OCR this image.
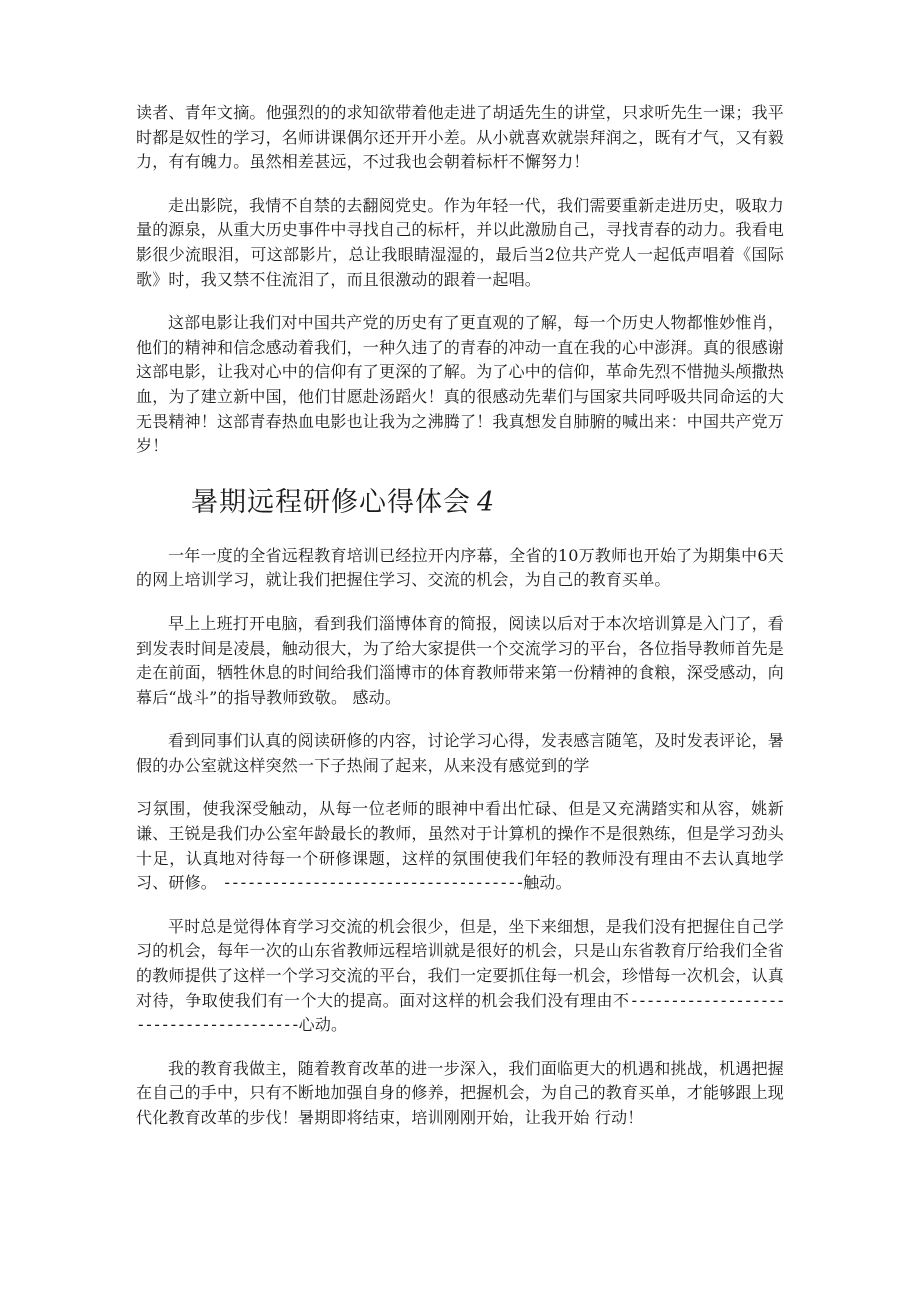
读者、青年文摘。他强烈的的求知欲带着他走进了胡适先生的讲堂，只求听先生一课；我平时都是奴性的学习，名师讲课偶尔还开开小差。从小就喜欢就崇拜润之，既有才气，又有毅力，有有魄力。虽然相差甚远，不过我也会朝着标杆不懈努力！

走出影院，我情不自禁的去翻阅党史。作为年轻一代，我们需要重新走进历史，吸取力量的源泉，从重大历史事件中寻找自己的标杆，并以此激励自己，寻找青春的动力。我看电影很少流眼泪，可这部影片，总让我眼睛湿湿的，最后当2位共产党人一起低声唱着《国际歌》时，我又禁不住流泪了，而且很激动的跟着一起唱。

这部电影让我们对中国共产党的历史有了更直观的了解，每一个历史人物都惟妙惟肖，他们的精神和信念感动着我们，一种久违了的青春的冲动一直在我的心中澎湃。真的很感谢这部电影，让我对心中的信仰有了更深的了解。为了心中的信仰，革命先烈不惜抛头颅撒热血，为了建立新中国，他们甘愿赴汤蹈火！真的很感动先辈们与国家共同呼吸共同命运的大无畏精神！这部青春热血电影也让我为之沸腾了！我真想发自肺腑的喊出来：中国共产党万岁！

暑期远程研修心得体会 4

一年一度的全省远程教育培训已经拉开内序幕，全省的10万教师也开始了为期集中6天的网上培训学习，就让我们把握住学习、交流的机会，为自己的教育买单。

早上上班打开电脑，看到我们淄博体育的简报，阅读以后对于本次培训算是入门了，看到发表时间是凌晨，触动很大，为了给大家提供一个交流学习的平台，各位指导教师首先是走在前面，牺牲休息的时间给我们淄博市的体育教师带来第一份精神的食粮，深受感动，向幕后“战斗”的指导教师致敬。 感动。

看到同事们认真的阅读研修的内容，讨论学习心得，发表感言随笔，及时发表评论，暑假的办公室就这样突然一下子热闹了起来，从来没有感觉到的学

习氛围，使我深受触动，从每一位老师的眼神中看出忙碌、但是又充满踏实和从容，姚新谦、王锐是我们办公室年龄最长的教师，虽然对于计算机的操作不是很熟练，但是学习劲头十足，认真地对待每一个研修课题，这样的氛围使我们年轻的教师没有理由不去认真地学习、研修。 -------------------------------------触动。

平时总是觉得体育学习交流的机会很少，但是，坐下来细想，是我们没有把握住自己学习的机会，每年一次的山东省教师远程培训就是很好的机会，只是山东省教育厅给我们全省的教师提供了这样一个学习交流的平台，我们一定要抓住每一机会，珍惜每一次机会，认真对待，争取使我们有一个大的提高。面对这样的机会我们没有理由不---------------------------------------心动。

我的教育我做主，随着教育改革的进一步深入，我们面临更大的机遇和挑战，机遇把握在自己的手中，只有不断地加强自身的修养，把握机会，为自己的教育买单，才能够跟上现代化教育改革的步伐！暑期即将结束，培训刚刚开始，让我开始 行动！
